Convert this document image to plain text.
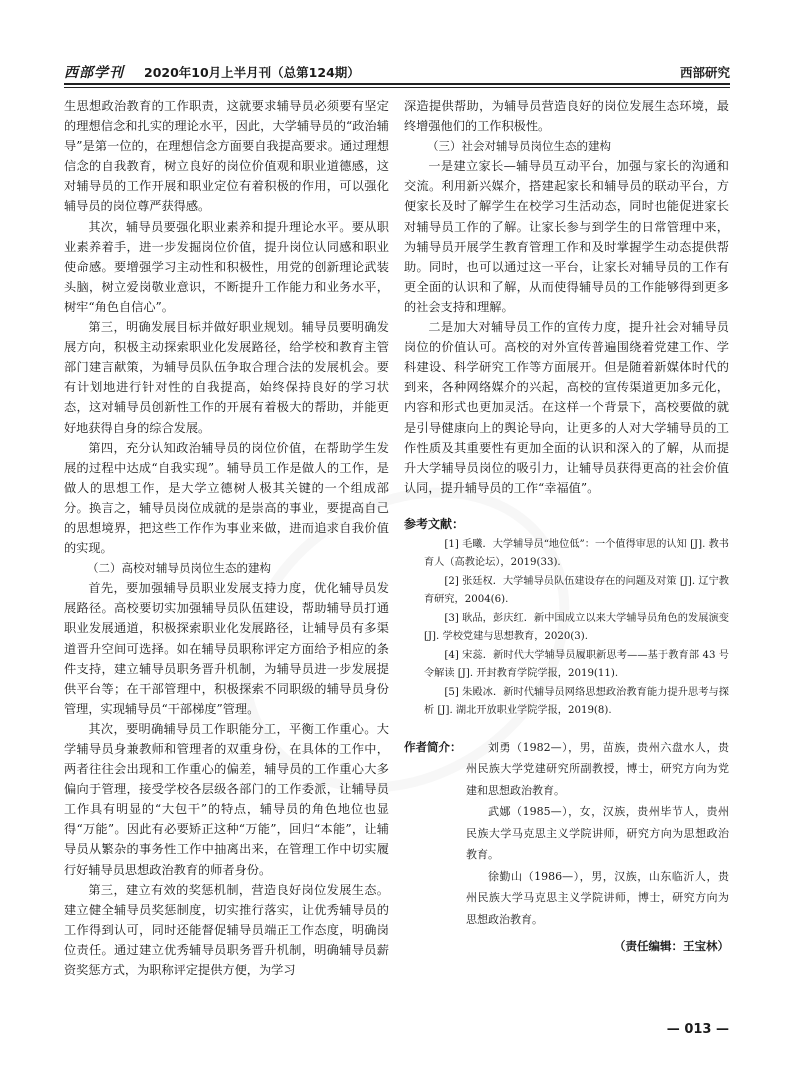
西部学刊 2020年10月上半月刊（总第124期）	西部研究

生思想政治教育的工作职责，这就要求辅导员必须要有坚定的理想信念和扎实的理论水平，因此，大学辅导员的“政治辅导”是第一位的，在理想信念方面要自我提高要求。通过理想信念的自我教育，树立良好的岗位价值观和职业道德感，这对辅导员的工作开展和职业定位有着积极的作用，可以强化辅导员的岗位尊严获得感。

其次，辅导员要强化职业素养和提升理论水平。要从职业素养着手，进一步发掘岗位价值，提升岗位认同感和职业使命感。要增强学习主动性和积极性，用党的创新理论武装头脑，树立爱岗敬业意识，不断提升工作能力和业务水平，树牢“角色自信心”。

第三，明确发展目标并做好职业规划。辅导员要明确发展方向，积极主动探索职业化发展路径，给学校和教育主管部门建言献策，为辅导员队伍争取合理合法的发展机会。要有计划地进行针对性的自我提高，始终保持良好的学习状态，这对辅导员创新性工作的开展有着极大的帮助，并能更好地获得自身的综合发展。

第四，充分认知政治辅导员的岗位价值，在帮助学生发展的过程中达成“自我实现”。辅导员工作是做人的工作，是做人的思想工作，是大学立德树人极其关键的一个组成部分。换言之，辅导员岗位成就的是崇高的事业，要提高自己的思想境界，把这些工作作为事业来做，进而追求自我价值的实现。

（二）高校对辅导员岗位生态的建构

首先，要加强辅导员职业发展支持力度，优化辅导员发展路径。高校要切实加强辅导员队伍建设，帮助辅导员打通职业发展通道，积极探索职业化发展路径，让辅导员有多渠道晋升空间可选择。如在辅导员职称评定方面给予相应的条件支持，建立辅导员职务晋升机制，为辅导员进一步发展提供平台等；在干部管理中，积极探索不同职级的辅导员身份管理，实现辅导员“干部梯度”管理。

其次，要明确辅导员工作职能分工，平衡工作重心。大学辅导员身兼教师和管理者的双重身份，在具体的工作中，两者往往会出现和工作重心的偏差，辅导员的工作重心大多偏向于管理，接受学校各层级各部门的工作委派，让辅导员工作具有明显的“大包干”的特点，辅导员的角色地位也显得“万能”。因此有必要矫正这种“万能”，回归“本能”，让辅导员从繁杂的事务性工作中抽离出来，在管理工作中切实履行好辅导员思想政治教育的师者身份。

第三，建立有效的奖惩机制，营造良好岗位发展生态。建立健全辅导员奖惩制度，切实推行落实，让优秀辅导员的工作得到认可，同时还能督促辅导员端正工作态度，明确岗位责任。通过建立优秀辅导员职务晋升机制，明确辅导员薪资奖惩方式，为职称评定提供方便，为学习

深造提供帮助，为辅导员营造良好的岗位发展生态环境，最终增强他们的工作积极性。

（三）社会对辅导员岗位生态的建构

一是建立家长—辅导员互动平台，加强与家长的沟通和交流。利用新兴媒介，搭建起家长和辅导员的联动平台，方便家长及时了解学生在校学习生活动态，同时也能促进家长对辅导员工作的了解。让家长参与到学生的日常管理中来，为辅导员开展学生教育管理工作和及时掌握学生动态提供帮助。同时，也可以通过这一平台，让家长对辅导员的工作有更全面的认识和了解，从而使得辅导员的工作能够得到更多的社会支持和理解。

二是加大对辅导员工作的宣传力度，提升社会对辅导员岗位的价值认可。高校的对外宣传普遍围绕着党建工作、学科建设、科学研究工作等方面展开。但是随着新媒体时代的到来，各种网络媒介的兴起，高校的宣传渠道更加多元化，内容和形式也更加灵活。在这样一个背景下，高校要做的就是引导健康向上的舆论导向，让更多的人对大学辅导员的工作性质及其重要性有更加全面的认识和深入的了解，从而提升大学辅导员岗位的吸引力，让辅导员获得更高的社会价值认同，提升辅导员的工作“幸福值”。

参考文献：

[1] 毛曦．大学辅导员“地位低”：一个值得审思的认知 [J]. 教书育人（高教论坛），2019(33).

[2] 张廷权．大学辅导员队伍建设存在的问题及对策 [J]. 辽宁教育研究，2004(6).

[3] 耿品，彭庆红．新中国成立以来大学辅导员角色的发展演变 [J]. 学校党建与思想教育，2020(3).

[4] 宋蕊．新时代大学辅导员履职新思考——基于教育部 43 号令解读 [J]. 开封教育学院学报，2019(11).

[5] 朱殿冰．新时代辅导员网络思想政治教育能力提升思考与探析 [J]. 湖北开放职业学院学报，2019(8).

作者简介：	刘勇（1982—），男，苗族，贵州六盘水人，贵州民族大学党建研究所副教授，博士，研究方向为党建和思想政治教育。

武娜（1985—），女，汉族，贵州毕节人，贵州民族大学马克思主义学院讲师，研究方向为思想政治教育。

徐勤山（1986—），男，汉族，山东临沂人，贵州民族大学马克思主义学院讲师，博士，研究方向为思想政治教育。

（责任编辑：王宝林）
— 013 —
